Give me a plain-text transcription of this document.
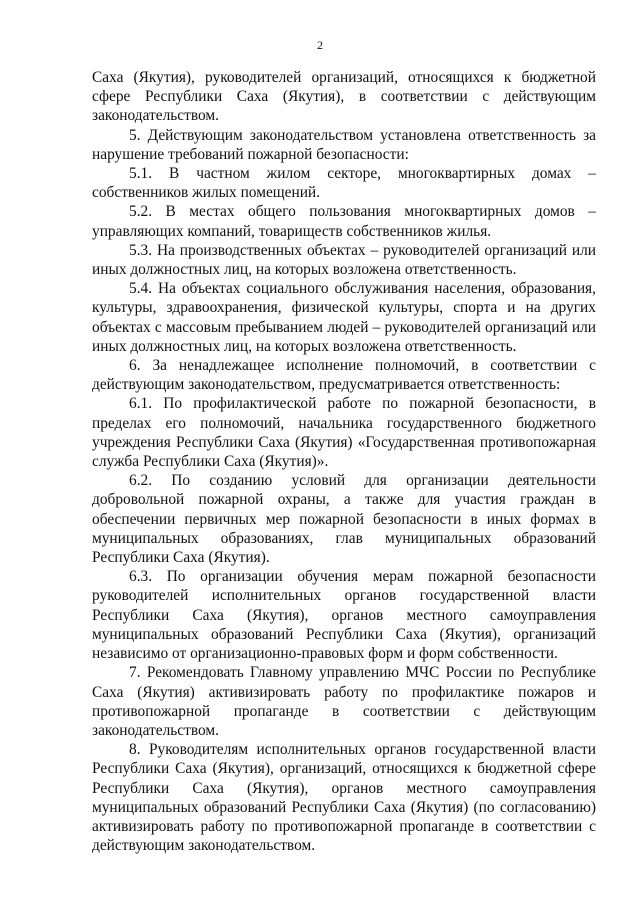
2

Саха (Якутия), руководителей организаций, относящихся к бюджетной сфере Республики Саха (Якутия), в соответствии с действующим законодательством.

5. Действующим законодательством установлена ответственность за нарушение требований пожарной безопасности:

5.1. В частном жилом секторе, многоквартирных домах – собственников жилых помещений.

5.2. В местах общего пользования многоквартирных домов – управляющих компаний, товариществ собственников жилья.

5.3. На производственных объектах – руководителей организаций или иных должностных лиц, на которых возложена ответственность.

5.4. На объектах социального обслуживания населения, образования, культуры, здравоохранения, физической культуры, спорта и на других объектах с массовым пребыванием людей – руководителей организаций или иных должностных лиц, на которых возложена ответственность.

6. За ненадлежащее исполнение полномочий, в соответствии с действующим законодательством, предусматривается ответственность:

6.1. По профилактической работе по пожарной безопасности, в пределах его полномочий, начальника государственного бюджетного учреждения Республики Саха (Якутия) «Государственная противопожарная служба Республики Саха (Якутия)».

6.2. По созданию условий для организации деятельности добровольной пожарной охраны, а также для участия граждан в обеспечении первичных мер пожарной безопасности в иных формах в муниципальных образованиях, глав муниципальных образований Республики Саха (Якутия).

6.3. По организации обучения мерам пожарной безопасности руководителей исполнительных органов государственной власти Республики Саха (Якутия), органов местного самоуправления муниципальных образований Республики Саха (Якутия), организаций независимо от организационно-правовых форм и форм собственности.

7. Рекомендовать Главному управлению МЧС России по Республике Саха (Якутия) активизировать работу по профилактике пожаров и противопожарной пропаганде в соответствии с действующим законодательством.

8. Руководителям исполнительных органов государственной власти Республики Саха (Якутия), организаций, относящихся к бюджетной сфере Республики Саха (Якутия), органов местного самоуправления муниципальных образований Республики Саха (Якутия) (по согласованию) активизировать работу по противопожарной пропаганде в соответствии с действующим законодательством.
